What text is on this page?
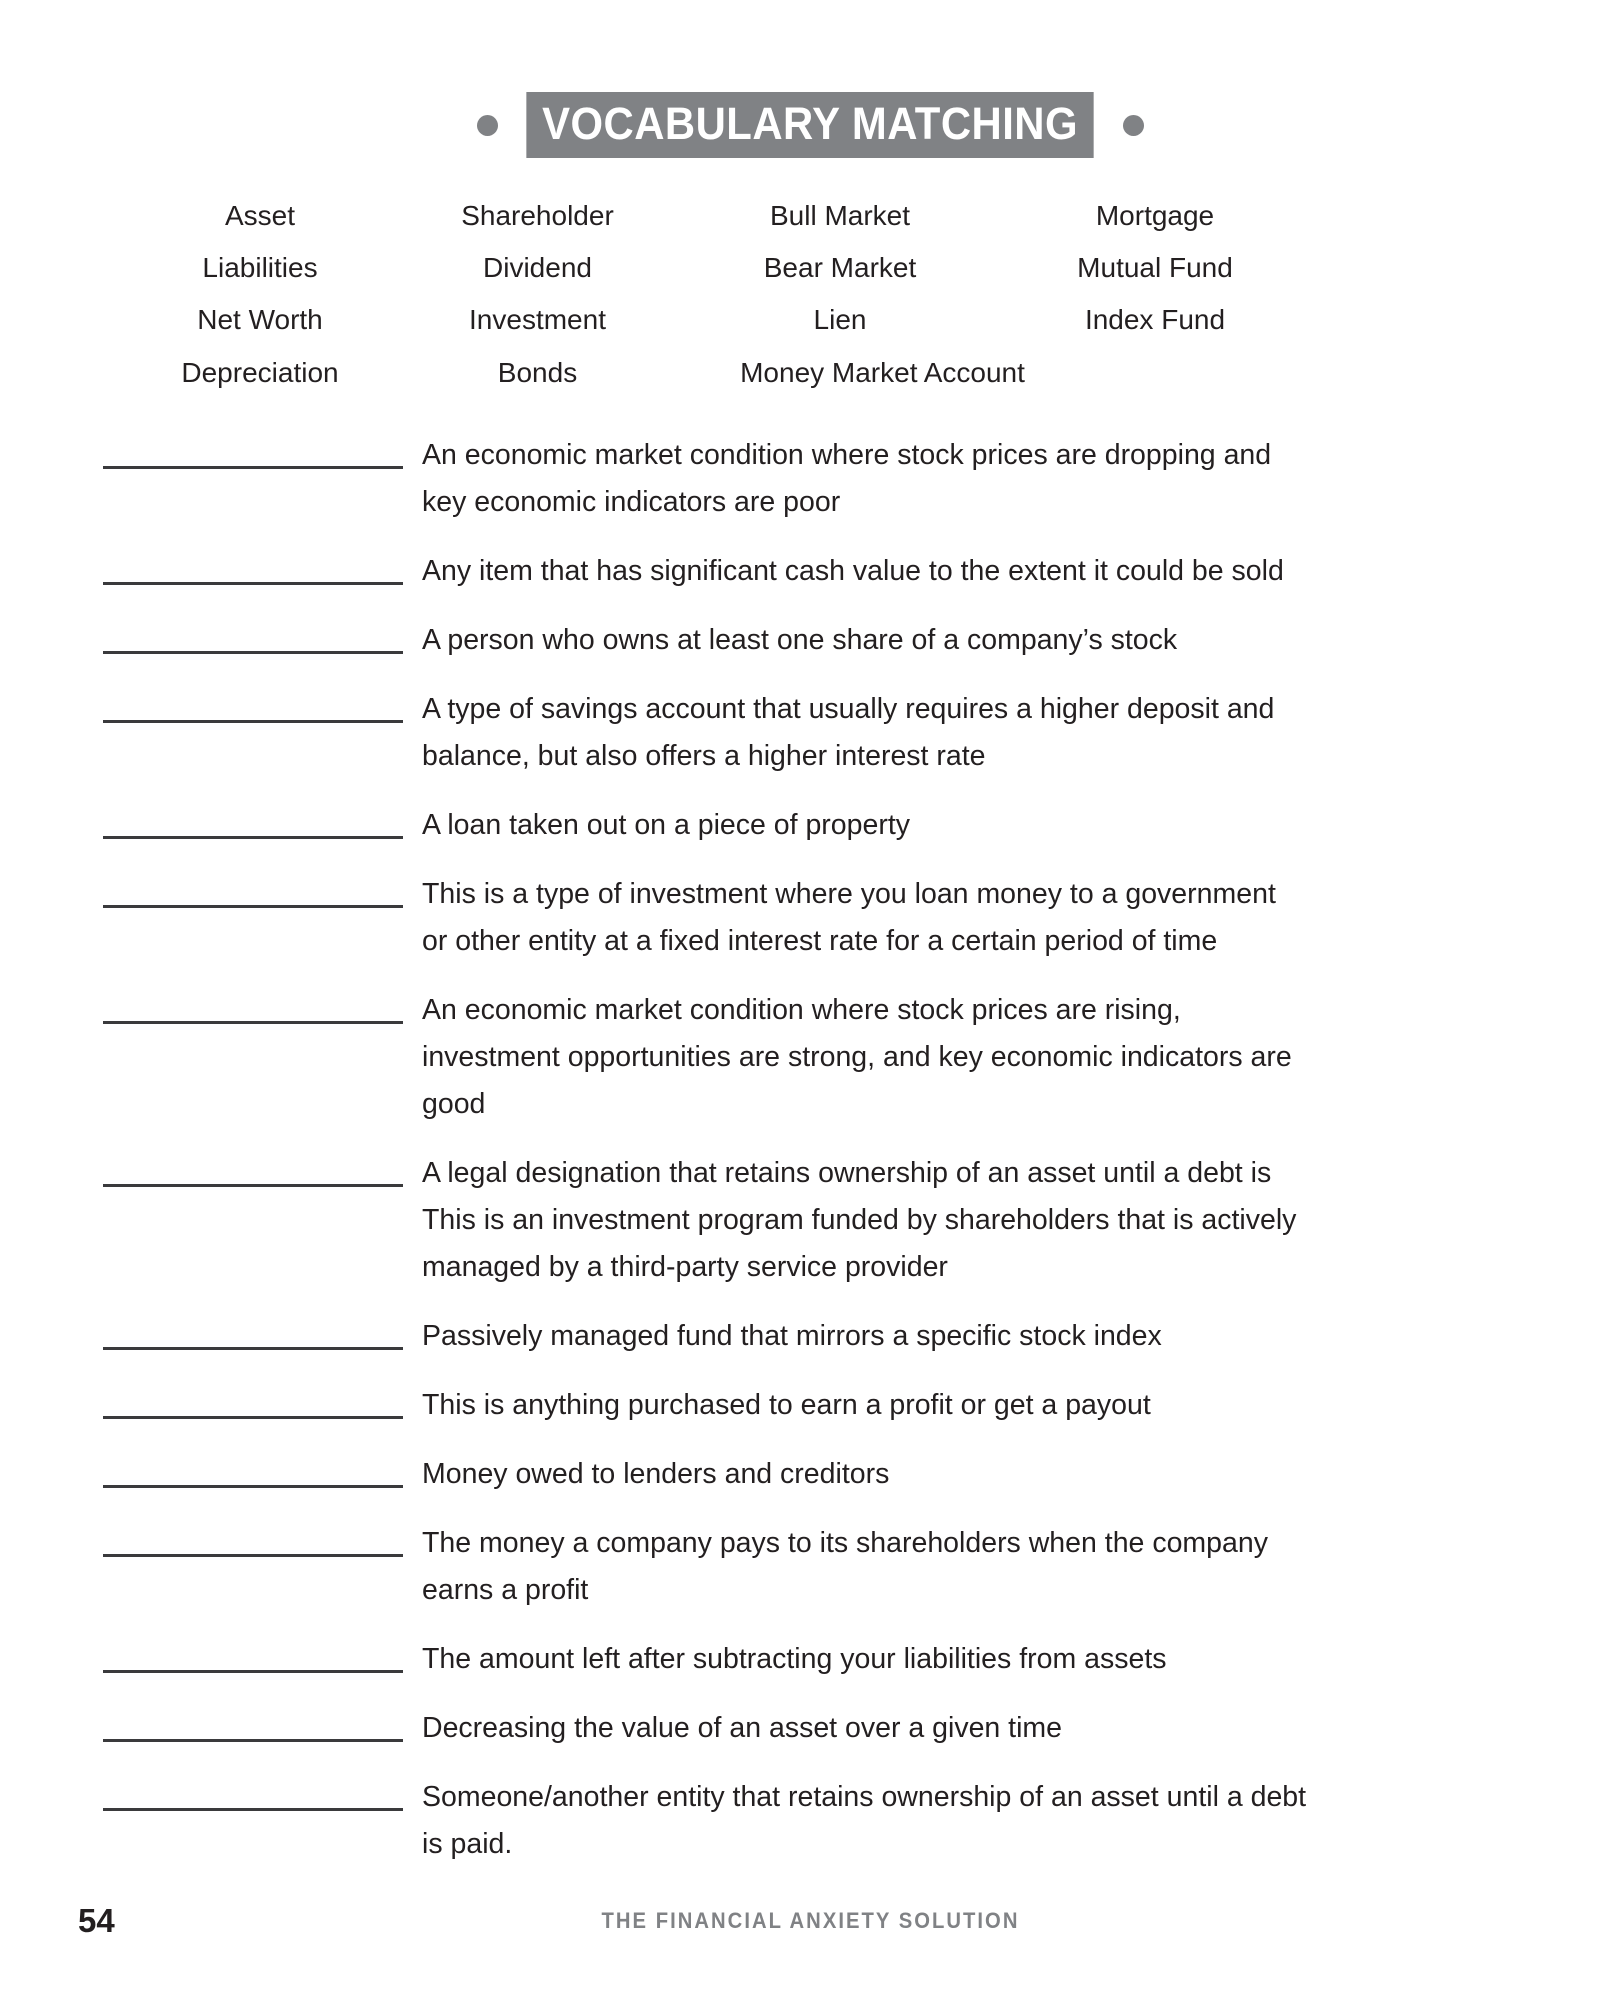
VOCABULARY MATCHING
Asset	Shareholder	Bull Market	Mortgage
Liabilities	Dividend	Bear Market	Mutual Fund
Net Worth	Investment	Lien	Index Fund
Depreciation	Bonds	Money Market Account
An economic market condition where stock prices are dropping and
key economic indicators are poor
Any item that has significant cash value to the extent it could be sold
A person who owns at least one share of a company’s stock
A type of savings account that usually requires a higher deposit and
balance, but also offers a higher interest rate
A loan taken out on a piece of property
This is a type of investment where you loan money to a government
or other entity at a fixed interest rate for a certain period of time
An economic market condition where stock prices are rising,
investment opportunities are strong, and key economic indicators are
good
A legal designation that retains ownership of an asset until a debt is
This is an investment program funded by shareholders that is actively
managed by a third-party service provider
Passively managed fund that mirrors a specific stock index
This is anything purchased to earn a profit or get a payout
Money owed to lenders and creditors
The money a company pays to its shareholders when the company
earns a profit
The amount left after subtracting your liabilities from assets
Decreasing the value of an asset over a given time
Someone/another entity that retains ownership of an asset until a debt
is paid.
54	THE FINANCIAL ANXIETY SOLUTION
